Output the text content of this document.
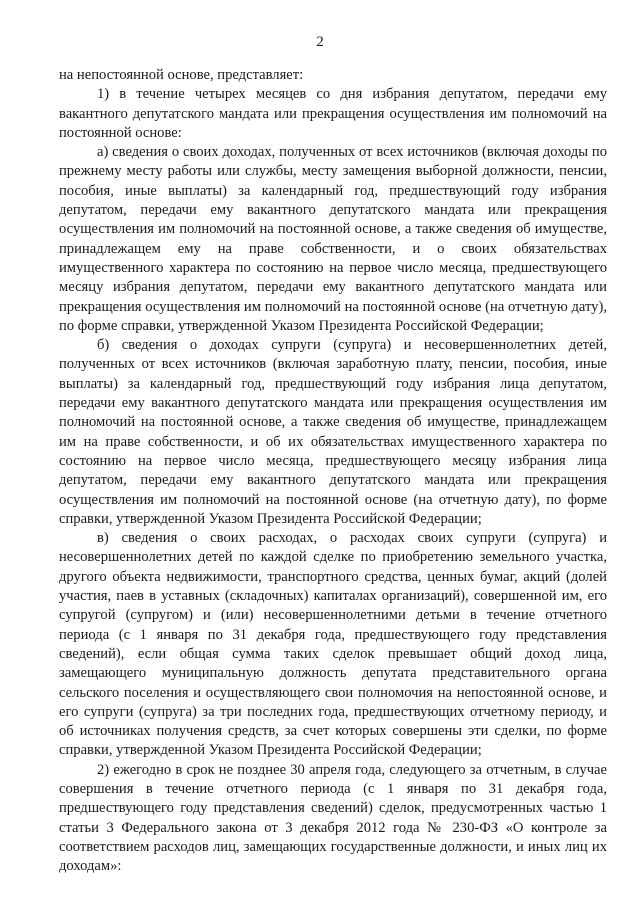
2

на непостоянной основе, представляет:

1) в течение четырех месяцев со дня избрания депутатом, передачи ему вакантного депутатского мандата или прекращения осуществления им полномочий на постоянной основе:

а) сведения о своих доходах, полученных от всех источников (включая доходы по прежнему месту работы или службы, месту замещения выборной должности, пенсии, пособия, иные выплаты) за календарный год, предшествующий году избрания депутатом, передачи ему вакантного депутатского мандата или прекращения осуществления им полномочий на постоянной основе, а также сведения об имуществе, принадлежащем ему на праве собственности, и о своих обязательствах имущественного характера по состоянию на первое число месяца, предшествующего месяцу избрания депутатом, передачи ему вакантного депутатского мандата или прекращения осуществления им полномочий на постоянной основе (на отчетную дату), по форме справки, утвержденной Указом Президента Российской Федерации;

б) сведения о доходах супруги (супруга) и несовершеннолетних детей, полученных от всех источников (включая заработную плату, пенсии, пособия, иные выплаты) за календарный год, предшествующий году избрания лица депутатом, передачи ему вакантного депутатского мандата или прекращения осуществления им полномочий на постоянной основе, а также сведения об имуществе, принадлежащем им на праве собственности, и об их обязательствах имущественного характера по состоянию на первое число месяца, предшествующего месяцу избрания лица депутатом, передачи ему вакантного депутатского мандата или прекращения осуществления им полномочий на постоянной основе (на отчетную дату), по форме справки, утвержденной Указом Президента Российской Федерации;

в) сведения о своих расходах, о расходах своих супруги (супруга) и несовершеннолетних детей по каждой сделке по приобретению земельного участка, другого объекта недвижимости, транспортного средства, ценных бумаг, акций (долей участия, паев в уставных (складочных) капиталах организаций), совершенной им, его супругой (супругом) и (или) несовершеннолетними детьми в течение отчетного периода (с 1 января по 31 декабря года, предшествующего году представления сведений), если общая сумма таких сделок превышает общий доход лица, замещающего муниципальную должность депутата представительного органа сельского поселения и осуществляющего свои полномочия на непостоянной основе, и его супруги (супруга) за три последних года, предшествующих отчетному периоду, и об источниках получения средств, за счет которых совершены эти сделки, по форме справки, утвержденной Указом Президента Российской Федерации;

2) ежегодно в срок не позднее 30 апреля года, следующего за отчетным, в случае совершения в течение отчетного периода (с 1 января по 31 декабря года, предшествующего году представления сведений) сделок, предусмотренных частью 1 статьи 3 Федерального закона от 3 декабря 2012 года № 230-ФЗ «О контроле за соответствием расходов лиц, замещающих государственные должности, и иных лиц их доходам»:
